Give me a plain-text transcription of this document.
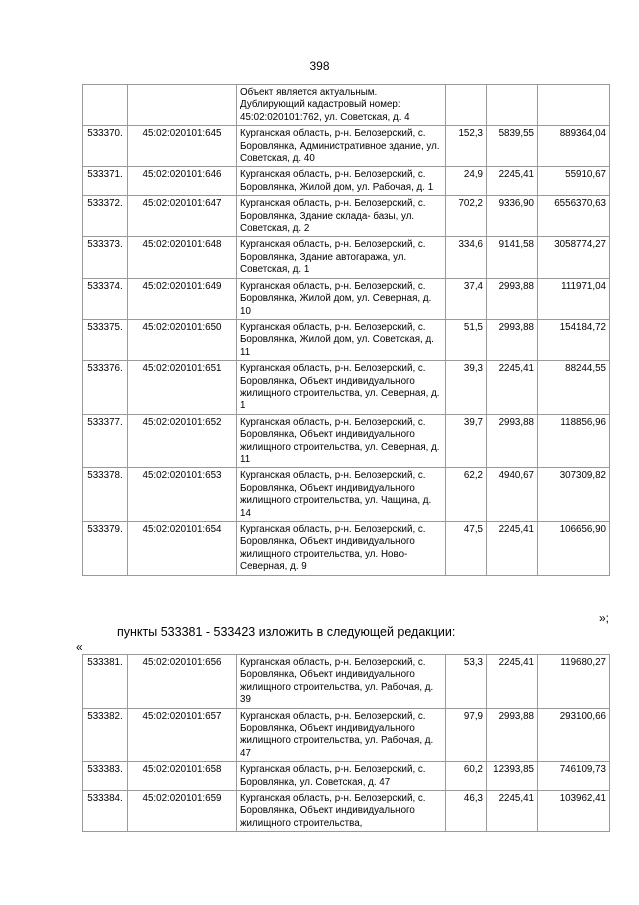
398
		Объект является актуальным. Дублирующий кадастровый номер: 45:02:020101:762, ул. Советская, д. 4			
533370.	45:02:020101:645	Курганская область, р-н. Белозерский, с. Боровлянка, Административное здание, ул. Советская, д. 40	152,3	5839,55	889364,04
533371.	45:02:020101:646	Курганская область, р-н. Белозерский, с. Боровлянка, Жилой дом, ул. Рабочая, д. 1	24,9	2245,41	55910,67
533372.	45:02:020101:647	Курганская область, р-н. Белозерский, с. Боровлянка, Здание склада- базы, ул. Советская, д. 2	702,2	9336,90	6556370,63
533373.	45:02:020101:648	Курганская область, р-н. Белозерский, с. Боровлянка, Здание автогаража, ул. Советская, д. 1	334,6	9141,58	3058774,27
533374.	45:02:020101:649	Курганская область, р-н. Белозерский, с. Боровлянка, Жилой дом, ул. Северная, д. 10	37,4	2993,88	111971,04
533375.	45:02:020101:650	Курганская область, р-н. Белозерский, с. Боровлянка, Жилой дом, ул. Советская, д. 11	51,5	2993,88	154184,72
533376.	45:02:020101:651	Курганская область, р-н. Белозерский, с. Боровлянка, Объект индивидуального жилищного строительства, ул. Северная, д. 1	39,3	2245,41	88244,55
533377.	45:02:020101:652	Курганская область, р-н. Белозерский, с. Боровлянка, Объект индивидуального жилищного строительства, ул. Северная, д. 11	39,7	2993,88	118856,96
533378.	45:02:020101:653	Курганская область, р-н. Белозерский, с. Боровлянка, Объект индивидуального жилищного строительства, ул. Чащина, д. 14	62,2	4940,67	307309,82
533379.	45:02:020101:654	Курганская область, р-н. Белозерский, с. Боровлянка, Объект индивидуального жилищного строительства, ул. Ново-Северная, д. 9	47,5	2245,41	106656,90
»;
пункты 533381 - 533423 изложить в следующей редакции:
«
533381.	45:02:020101:656	Курганская область, р-н. Белозерский, с. Боровлянка, Объект индивидуального жилищного строительства, ул. Рабочая, д. 39	53,3	2245,41	119680,27
533382.	45:02:020101:657	Курганская область, р-н. Белозерский, с. Боровлянка, Объект индивидуального жилищного строительства, ул. Рабочая, д. 47	97,9	2993,88	293100,66
533383.	45:02:020101:658	Курганская область, р-н. Белозерский, с. Боровлянка, ул. Советская, д. 47	60,2	12393,85	746109,73
533384.	45:02:020101:659	Курганская область, р-н. Белозерский, с. Боровлянка, Объект индивидуального жилищного строительства,	46,3	2245,41	103962,41
